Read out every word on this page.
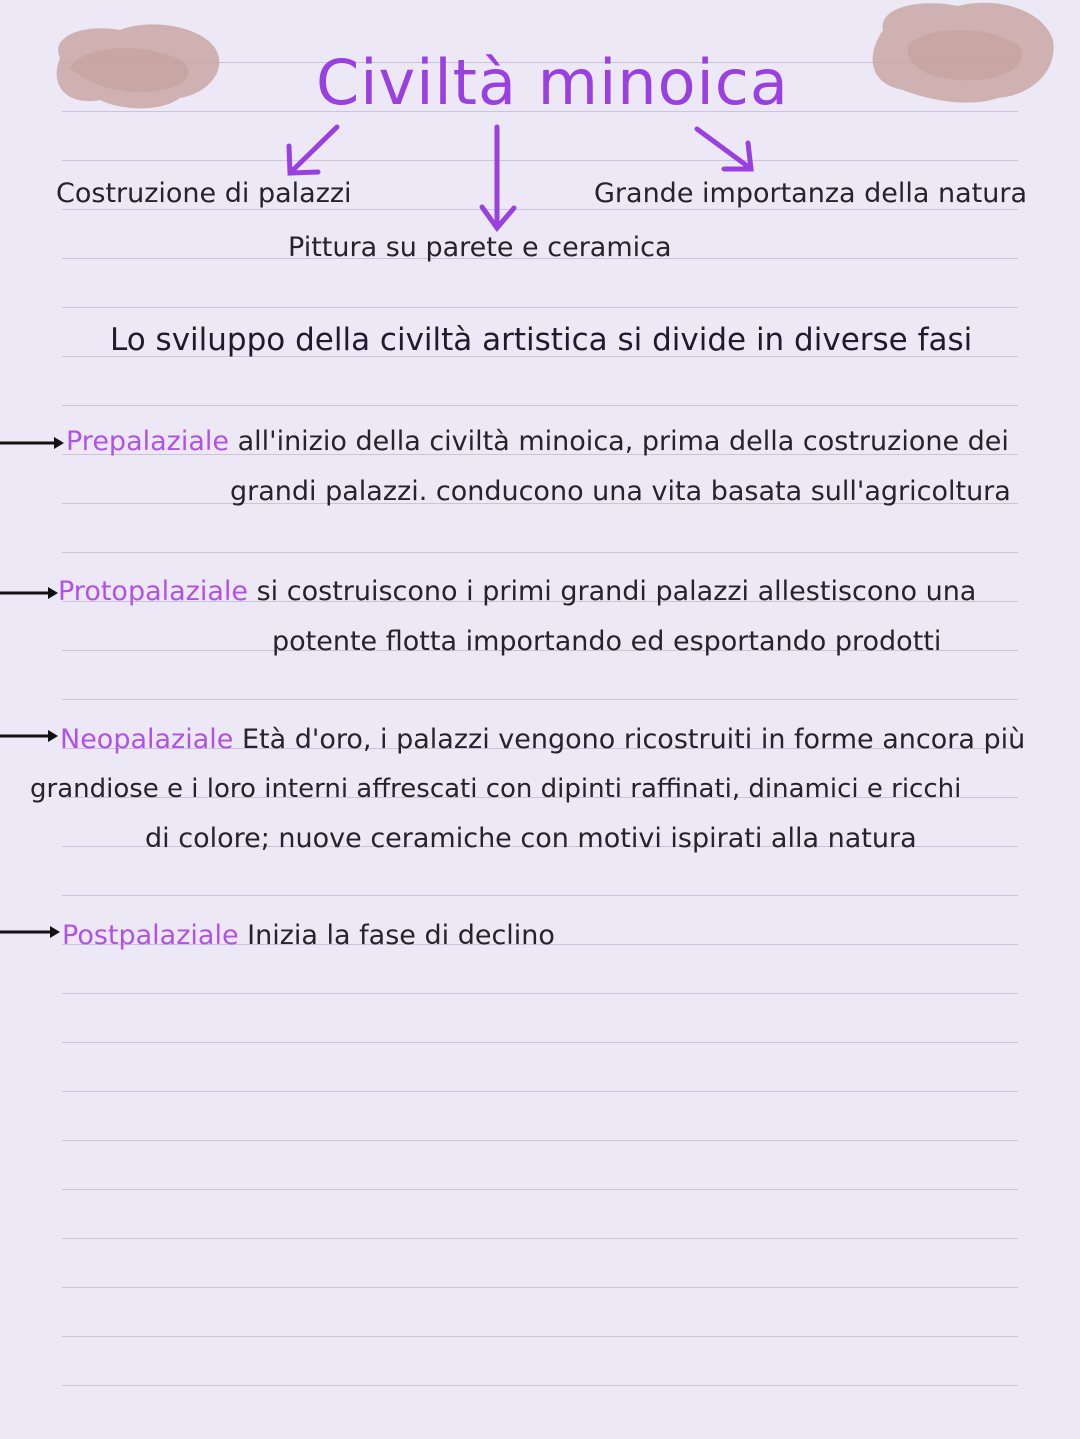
Civiltà minoica
Costruzione di palazzi
Pittura su parete e ceramica
Grande importanza della natura
Lo sviluppo della civiltà artistica si divide in diverse fasi
Prepalaziale all'inizio della civiltà minoica, prima della costruzione dei
grandi palazzi. conducono una vita basata sull'agricoltura
Protopalaziale si costruiscono i primi grandi palazzi allestiscono una
potente flotta importando ed esportando prodotti
Neopalaziale Età d'oro, i palazzi vengono ricostruiti in forme ancora più
grandiose e i loro interni affrescati con dipinti raffinati, dinamici e ricchi
di colore; nuove ceramiche con motivi ispirati alla natura
Postpalaziale Inizia la fase di declino
